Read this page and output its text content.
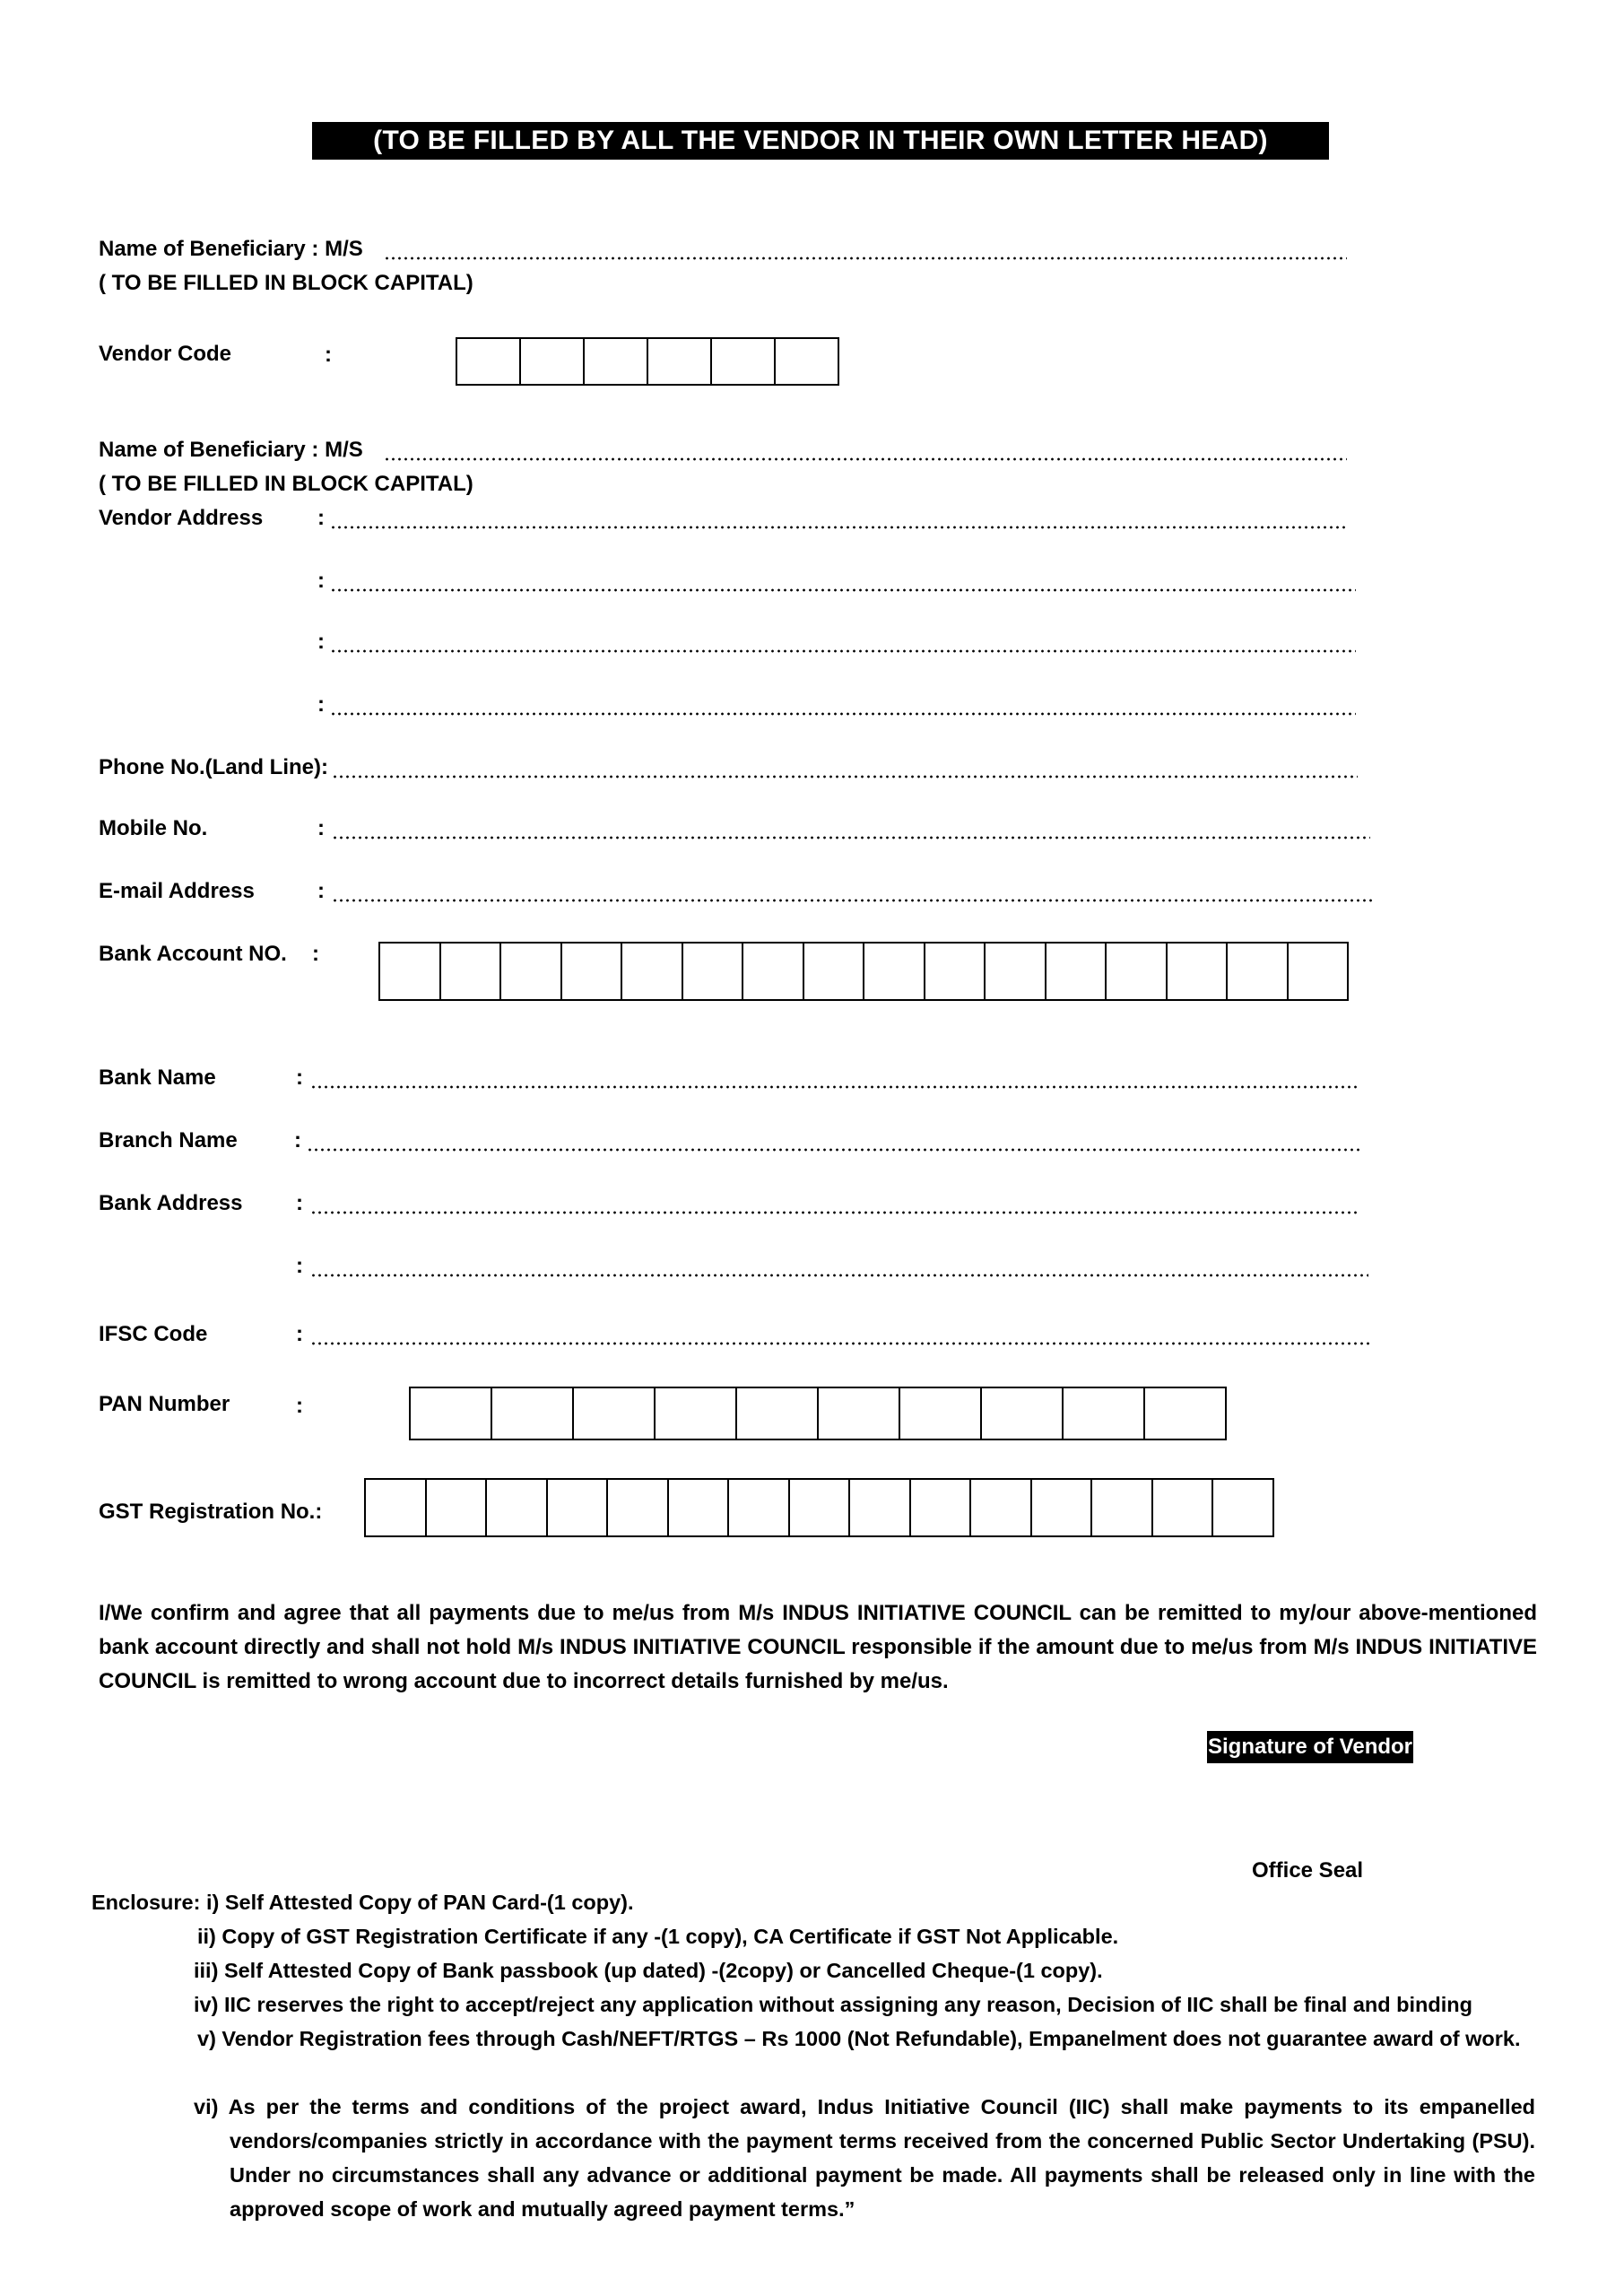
(TO BE FILLED BY ALL THE VENDOR IN THEIR OWN LETTER HEAD)
Name of Beneficiary : M/S
( TO BE FILLED IN BLOCK CAPITAL)
Vendor Code	:
Name of Beneficiary : M/S
( TO BE FILLED IN BLOCK CAPITAL)
Vendor Address	:
:
:
:
Phone No.(Land Line):
Mobile No.	:
E-mail Address	:
Bank Account NO. :
Bank Name	:
Branch Name	:
Bank Address :
:
IFSC Code	:
PAN Number	:
GST Registration No.:
I/We confirm and agree that all payments due to me/us from M/s INDUS INITIATIVE COUNCIL can be remitted to my/our above-mentioned bank account directly and shall not hold M/s INDUS INITIATIVE COUNCIL responsible if the amount due to me/us from M/s INDUS INITIATIVE COUNCIL is remitted to wrong account due to incorrect details furnished by me/us.
Signature of Vendor
Office Seal
Enclosure: i) Self Attested Copy of PAN Card-(1 copy).
ii) Copy of GST Registration Certificate if any -(1 copy), CA Certificate if GST Not Applicable.
iii) Self Attested Copy of Bank passbook (up dated) -(2copy) or Cancelled Cheque-(1 copy).
iv) IIC reserves the right to accept/reject any application without assigning any reason, Decision of IIC shall be final and binding
v) Vendor Registration fees through Cash/NEFT/RTGS – Rs 1000 (Not Refundable), Empanelment does not guarantee award of work.
vi) As per the terms and conditions of the project award, Indus Initiative Council (IIC) shall make payments to its empanelled vendors/companies strictly in accordance with the payment terms received from the concerned Public Sector Undertaking (PSU). Under no circumstances shall any advance or additional payment be made. All payments shall be released only in line with the approved scope of work and mutually agreed payment terms.”
